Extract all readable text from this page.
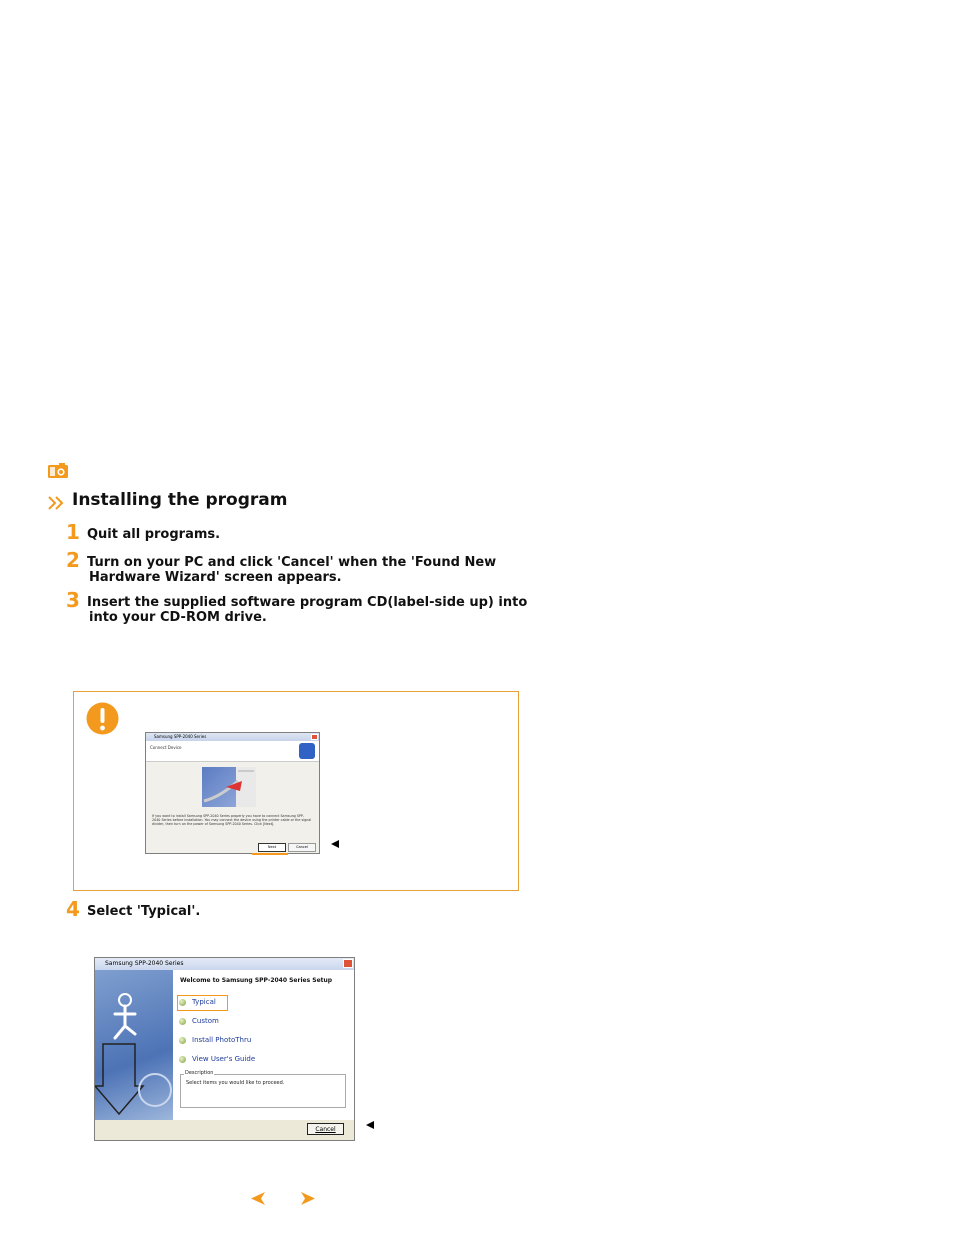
Installing the program
1 Quit all programs.
2 Turn on your PC and click 'Cancel' when the 'Found New
Hardware Wizard' screen appears.
3 Insert the supplied software program CD(label-side up) into
into your CD-ROM drive.
Samsung SPP-2040 Series
Connect Device
If you want to install Samsung SPP-2040 Series properly you have to connect Samsung SPP-2040 Series before installation. You may connect the device using the printer cable or the signal divider, then turn on the power of Samsung SPP-2040 Series. Click [Next].
Next	Cancel
4 Select 'Typical'.
Samsung SPP-2040 Series
Welcome to Samsung SPP-2040 Series Setup
Typical
Custom
Install PhotoThru
View User's Guide
Description
Select items you would like to proceed.
Cancel
